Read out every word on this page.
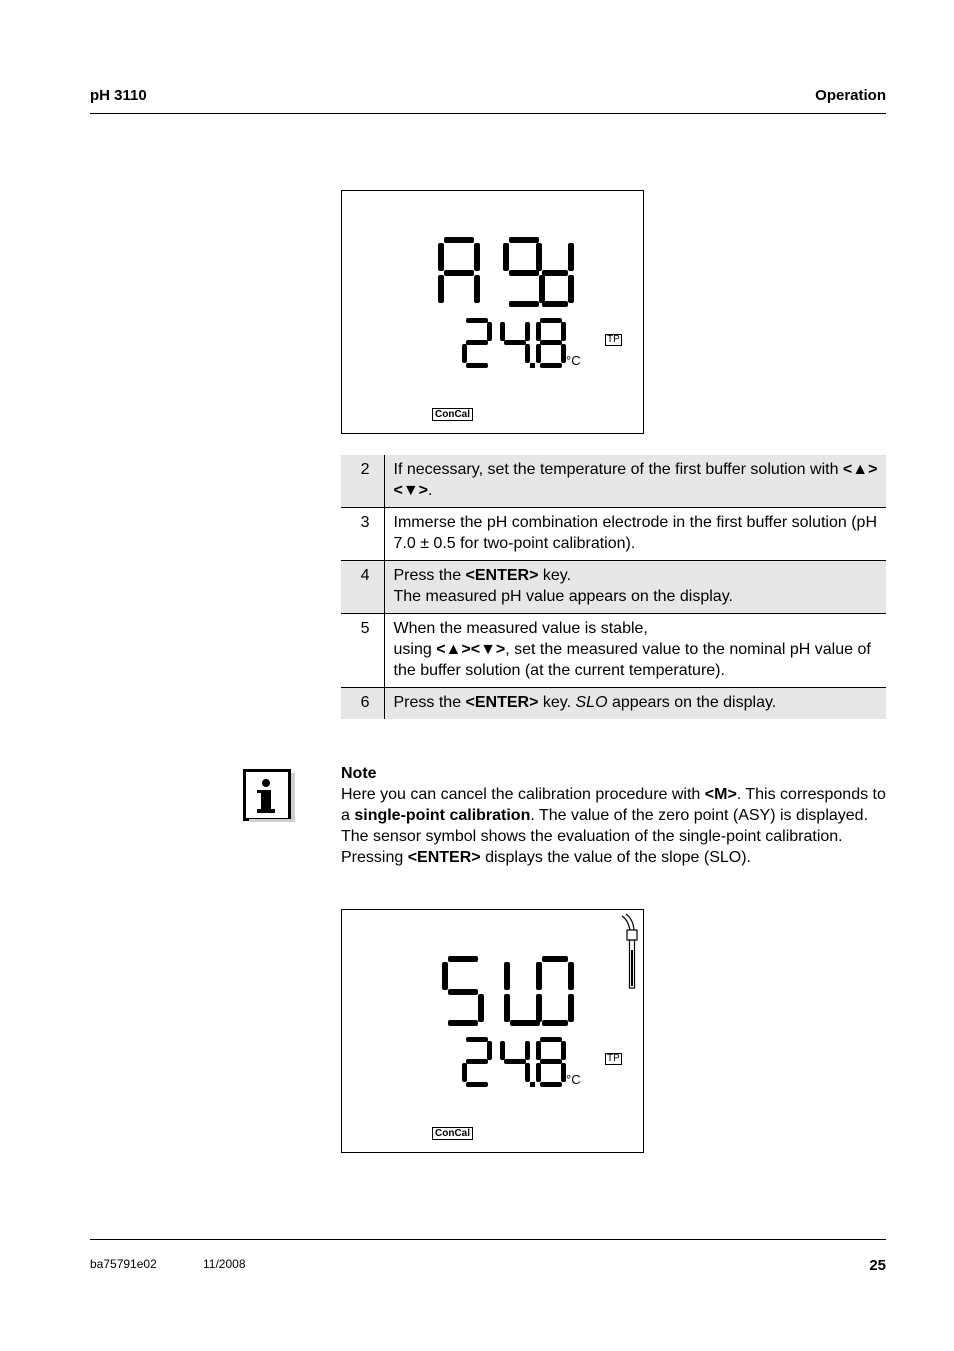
pH 3110	Operation
°C
TP
ConCal
2	If necessary, set the temperature of the first buffer solution with <▲><▼>.
3	Immerse the pH combination electrode in the first buffer solution (pH 7.0 ± 0.5 for two-point calibration).
4	Press the <ENTER> key.
The measured pH value appears on the display.
5	When the measured value is stable,
using <▲><▼>, set the measured value to the nominal pH value of the buffer solution (at the current temperature).
6	Press the <ENTER> key. SLO appears on the display.
Note
Here you can cancel the calibration procedure with <M>. This corresponds to a single-point calibration. The value of the zero point (ASY) is displayed. The sensor symbol shows the evaluation of the single-point calibration. Pressing <ENTER> displays the value of the slope (SLO).
°C
TP
ConCal
ba75791e02	11/2008	25
